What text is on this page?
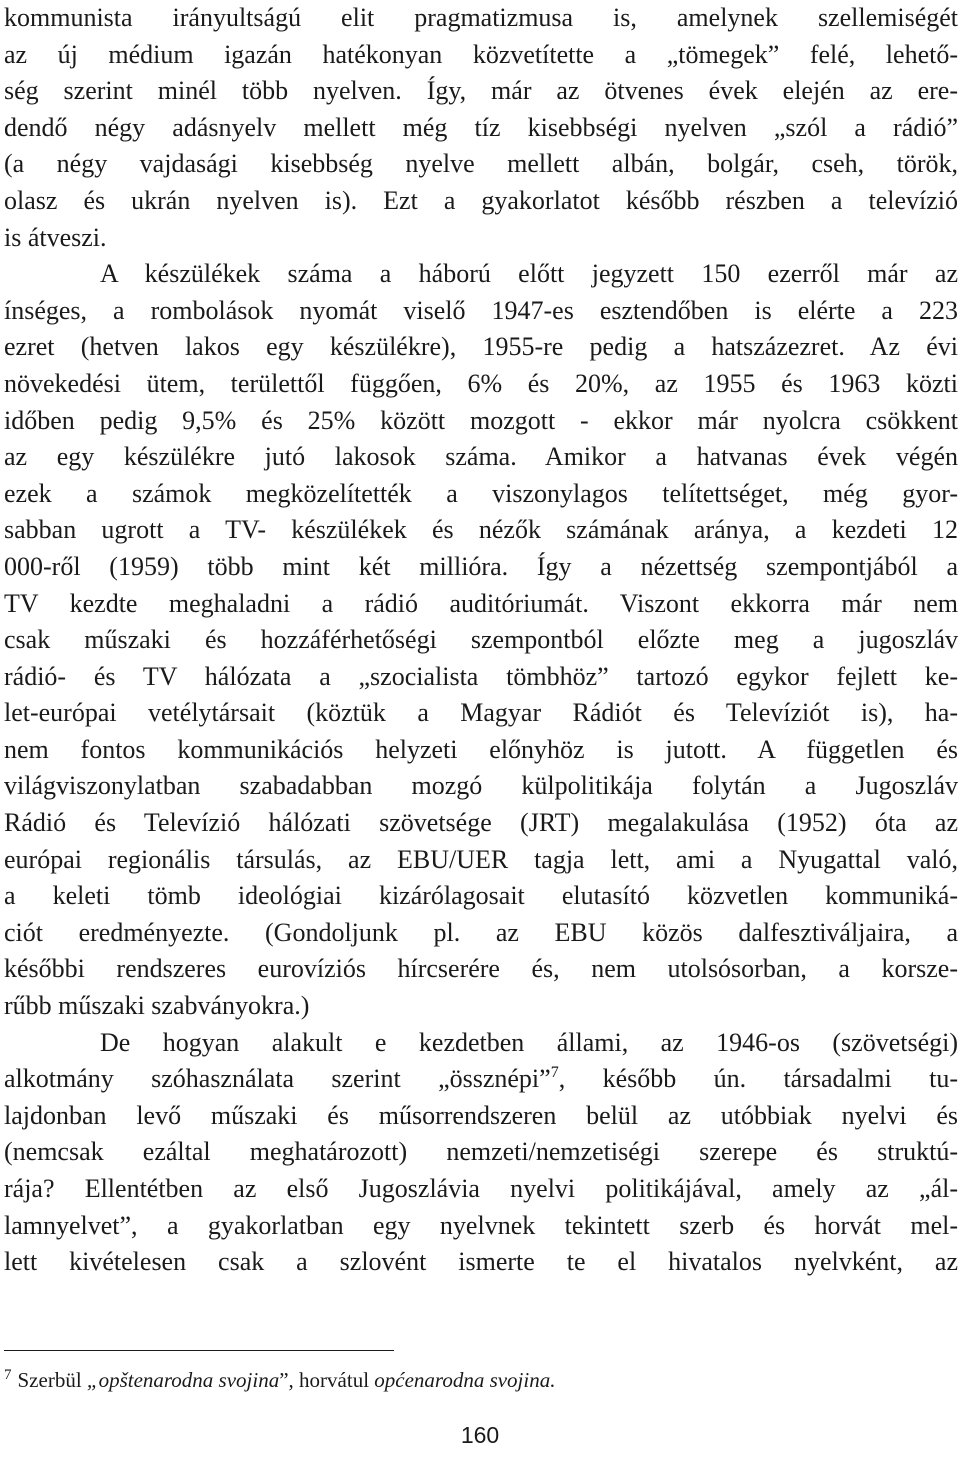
kommunista irányultságú elit pragmatizmusa is, amelynek szellemiségét
az új médium igazán hatékonyan közvetítette a „tömegek” felé, lehető-
ség szerint minél több nyelven. Így, már az ötvenes évek elején az ere-
dendő négy adásnyelv mellett még tíz kisebbségi nyelven „szól a rádió”
(a négy vajdasági kisebbség nyelve mellett albán, bolgár, cseh, török,
olasz és ukrán nyelven is). Ezt a gyakorlatot később részben a televízió
is átveszi.
A készülékek száma a háború előtt jegyzett 150 ezerről már az
ínséges, a rombolások nyomát viselő 1947-es esztendőben is elérte a 223
ezret (hetven lakos egy készülékre), 1955-re pedig a hatszázezret. Az évi
növekedési ütem, területtől függően, 6% és 20%, az 1955 és 1963 közti
időben pedig 9,5% és 25% között mozgott - ekkor már nyolcra csökkent
az egy készülékre jutó lakosok száma. Amikor a hatvanas évek végén
ezek a számok megközelítették a viszonylagos telítettséget, még gyor-
sabban ugrott a TV- készülékek és nézők számának aránya, a kezdeti 12
000-ről (1959) több mint két millióra. Így a nézettség szempontjából a
TV kezdte meghaladni a rádió auditóriumát. Viszont ekkorra már nem
csak műszaki és hozzáférhetőségi szempontból előzte meg a jugoszláv
rádió- és TV hálózata a „szocialista tömbhöz” tartozó egykor fejlett ke-
let-európai vetélytársait (köztük a Magyar Rádiót és Televíziót is), ha-
nem fontos kommunikációs helyzeti előnyhöz is jutott. A független és
világviszonylatban szabadabban mozgó külpolitikája folytán a Jugoszláv
Rádió és Televízió hálózati szövetsége (JRT) megalakulása (1952) óta az
európai regionális társulás, az EBU/UER tagja lett, ami a Nyugattal való,
a keleti tömb ideológiai kizárólagosait elutasító közvetlen kommuniká-
ciót eredményezte. (Gondoljunk pl. az EBU közös dalfesztiváljaira, a
későbbi rendszeres eurovíziós hírcserére és, nem utolsósorban, a korsze-
rűbb műszaki szabványokra.)
De hogyan alakult e kezdetben állami, az 1946-os (szövetségi)
alkotmány szóhasználata szerint „össznépi”$^7$, később ún. társadalmi tu-
lajdonban levő műszaki és műsorrendszeren belül az utóbbiak nyelvi és
(nemcsak ezáltal meghatározott) nemzeti/nemzetiségi szerepe és struktú-
rája? Ellentétben az első Jugoszlávia nyelvi politikájával, amely az „ál-
lamnyelvet”, a gyakorlatban egy nyelvnek tekintett szerb és horvát mel-
lett kivételesen csak a szlovént ismerte te el hivatalos nyelvként, az
$^7$ Szerbül „opštenarodna svojina”, horvátul općenarodna svojina.
160
